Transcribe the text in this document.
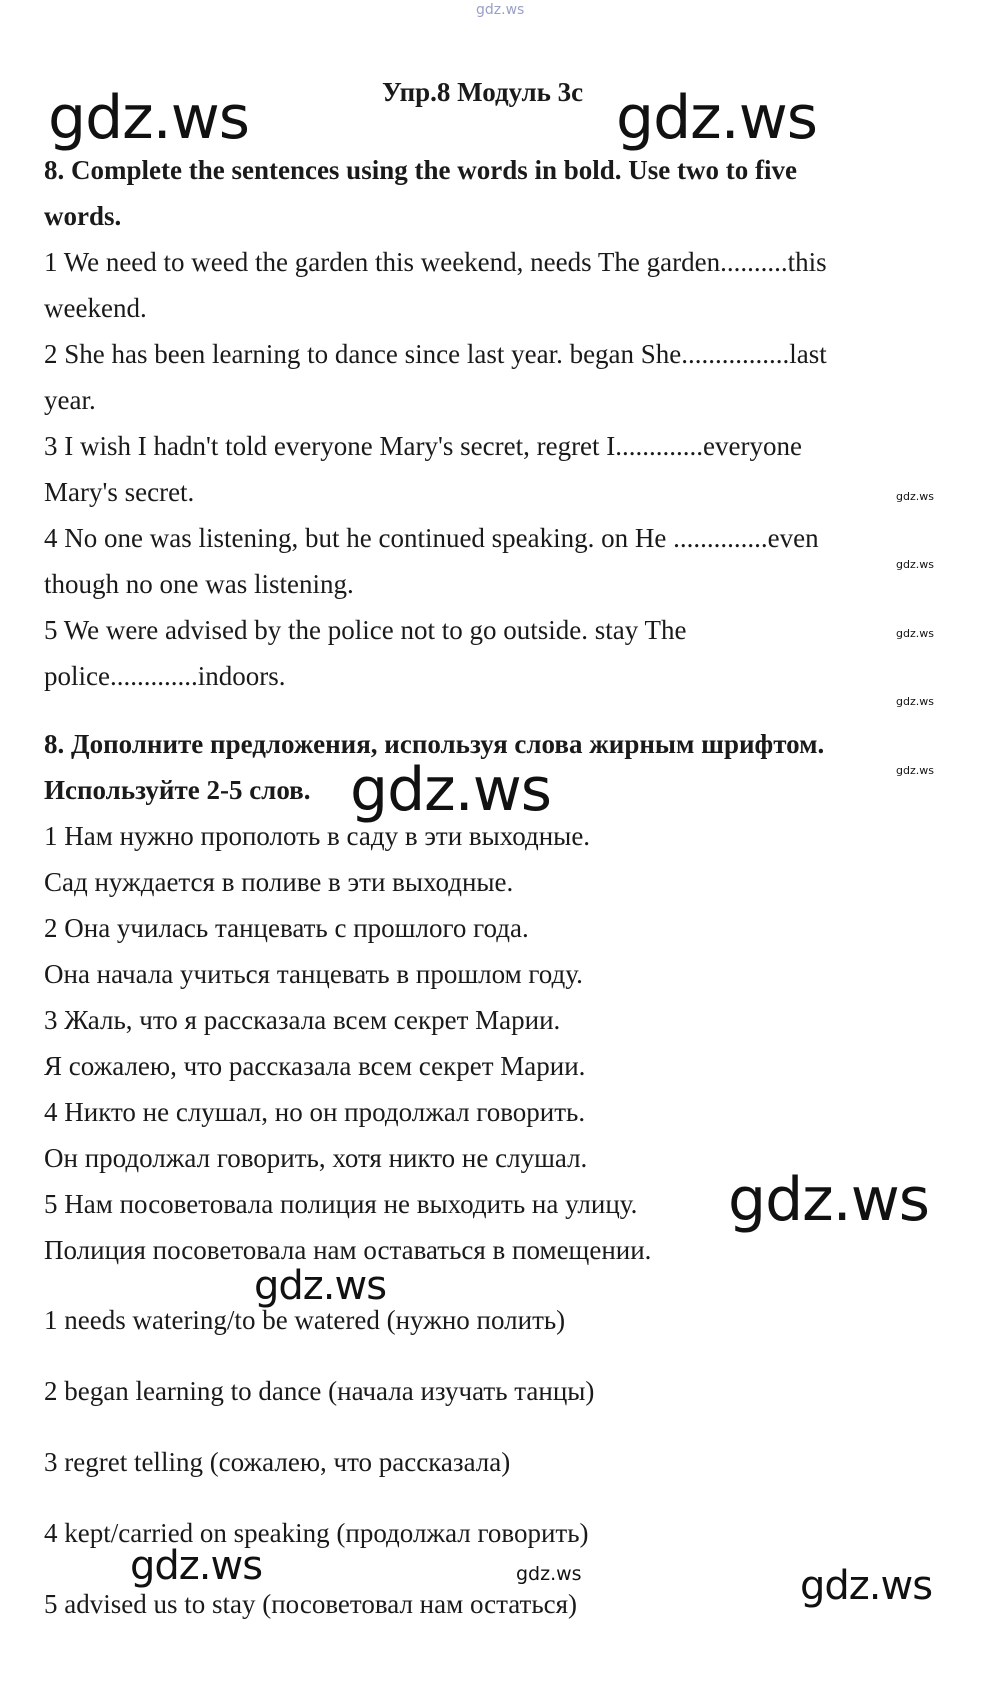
gdz.ws
gdz.ws	gdz.ws
gdz.ws
gdz.ws
gdz.ws
gdz.ws	gdz.ws
gdz.ws
gdz.ws
gdz.ws
gdz.ws
gdz.ws
gdz.ws
Упр.8 Модуль 3с
8. Complete the sentences using the words in bold. Use two to five
words.
1 We need to weed the garden this weekend, needs The garden..........this
weekend.
2 She has been learning to dance since last year. began She................last
year.
3 I wish I hadn't told everyone Mary's secret, regret I.............everyone
Mary's secret.
4 No one was listening, but he continued speaking. on He ..............even
though no one was listening.
5 We were advised by the police not to go outside. stay The
police.............indoors.
8. Дополните предложения, используя слова жирным шрифтом.
Используйте 2-5 слов.
1 Нам нужно прополоть в саду в эти выходные.
Сад нуждается в поливе в эти выходные.
2 Она училась танцевать с прошлого года.
Она начала учиться танцевать в прошлом году.
3 Жаль, что я рассказала всем секрет Марии.
Я сожалею, что рассказала всем секрет Марии.
4 Никто не слушал, но он продолжал говорить.
Он продолжал говорить, хотя никто не слушал.
5 Нам посоветовала полиция не выходить на улицу.
Полиция посоветовала нам оставаться в помещении.
1 needs watering/to be watered (нужно полить)
2 began learning to dance (начала изучать танцы)
3 regret telling (сожалею, что рассказала)
4 kept/carried on speaking (продолжал говорить)
5 advised us to stay (посоветовал нам остаться)
